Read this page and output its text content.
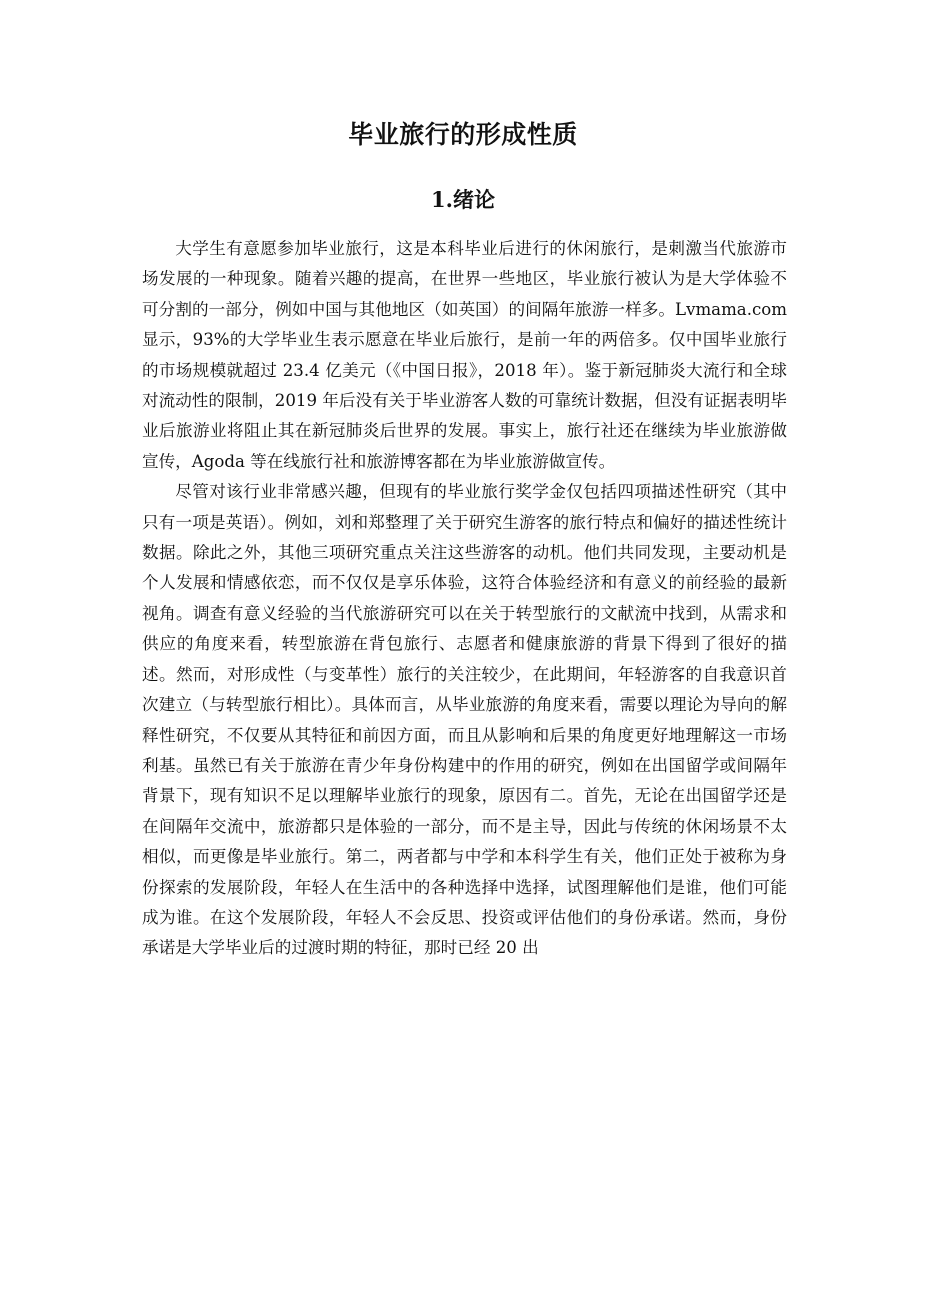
毕业旅行的形成性质
1.绪论

大学生有意愿参加毕业旅行，这是本科毕业后进行的休闲旅行，是刺激当代旅游市场发展的一种现象。随着兴趣的提高，在世界一些地区，毕业旅行被认为是大学体验不可分割的一部分，例如中国与其他地区（如英国）的间隔年旅游一样多。Lvmama.com 显示，93%的大学毕业生表示愿意在毕业后旅行，是前一年的两倍多。仅中国毕业旅行的市场规模就超过 23.4 亿美元（《中国日报》，2018 年）。鉴于新冠肺炎大流行和全球对流动性的限制，2019 年后没有关于毕业游客人数的可靠统计数据，但没有证据表明毕业后旅游业将阻止其在新冠肺炎后世界的发展。事实上，旅行社还在继续为毕业旅游做宣传，Agoda 等在线旅行社和旅游博客都在为毕业旅游做宣传。

尽管对该行业非常感兴趣，但现有的毕业旅行奖学金仅包括四项描述性研究（其中只有一项是英语）。例如，刘和郑整理了关于研究生游客的旅行特点和偏好的描述性统计数据。除此之外，其他三项研究重点关注这些游客的动机。他们共同发现，主要动机是个人发展和情感依恋，而不仅仅是享乐体验，这符合体验经济和有意义的前经验的最新视角。调查有意义经验的当代旅游研究可以在关于转型旅行的文献流中找到，从需求和供应的角度来看，转型旅游在背包旅行、志愿者和健康旅游的背景下得到了很好的描述。然而，对形成性（与变革性）旅行的关注较少，在此期间，年轻游客的自我意识首次建立（与转型旅行相比）。具体而言，从毕业旅游的角度来看，需要以理论为导向的解释性研究，不仅要从其特征和前因方面，而且从影响和后果的角度更好地理解这一市场利基。虽然已有关于旅游在青少年身份构建中的作用的研究，例如在出国留学或间隔年背景下，现有知识不足以理解毕业旅行的现象，原因有二。首先，无论在出国留学还是在间隔年交流中，旅游都只是体验的一部分，而不是主导，因此与传统的休闲场景不太相似，而更像是毕业旅行。第二，两者都与中学和本科学生有关，他们正处于被称为身份探索的发展阶段，年轻人在生活中的各种选择中选择，试图理解他们是谁，他们可能成为谁。在这个发展阶段，年轻人不会反思、投资或评估他们的身份承诺。然而，身份承诺是大学毕业后的过渡时期的特征，那时已经 20 出
